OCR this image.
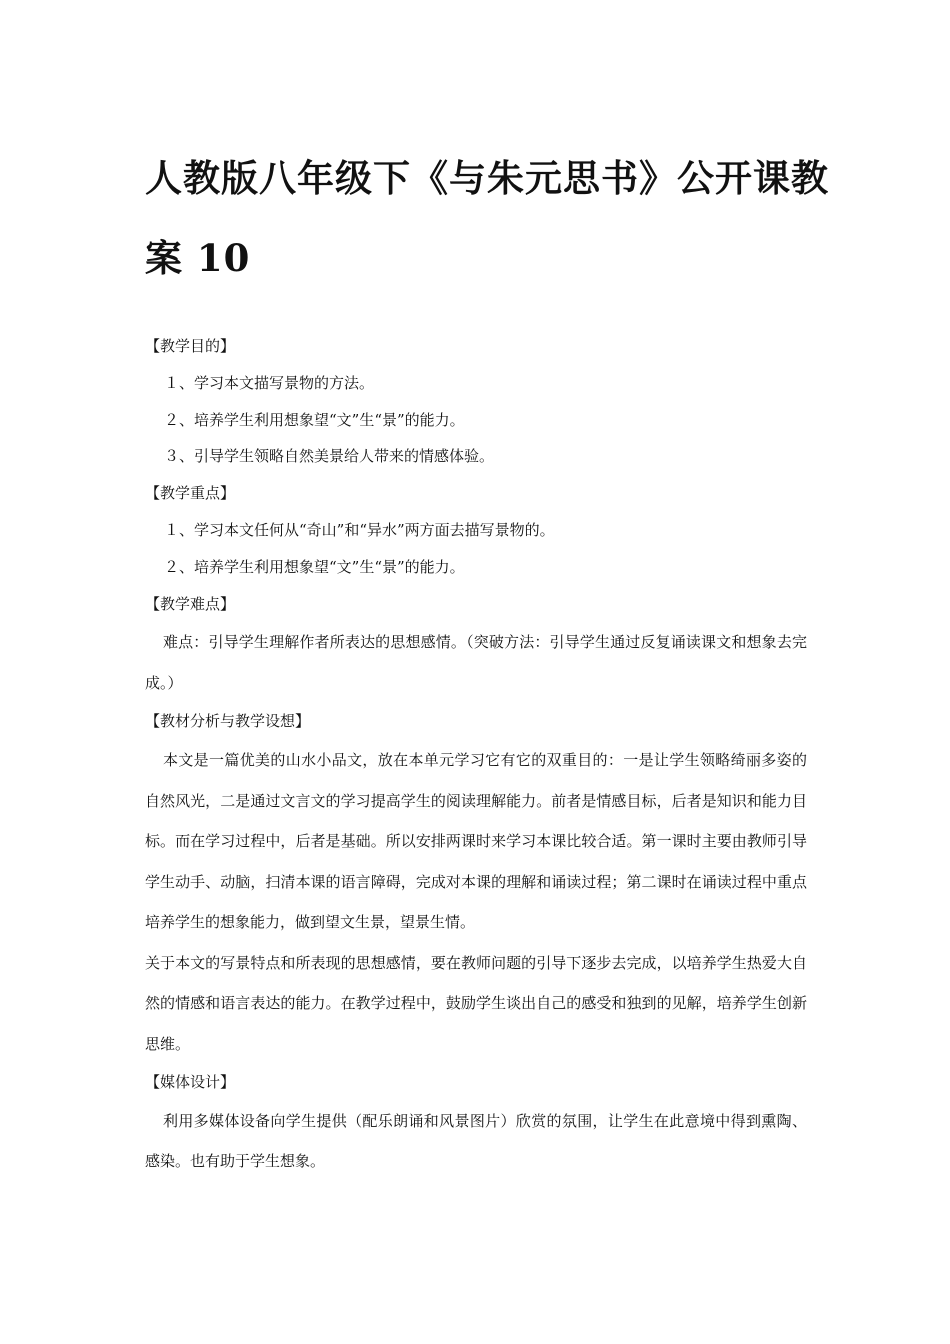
人教版八年级下《与朱元思书》公开课教
案 10
【教学目的】
１、学习本文描写景物的方法。
２、培养学生利用想象望“文”生“景”的能力。
３、引导学生领略自然美景给人带来的情感体验。
【教学重点】
１、学习本文任何从“奇山”和“异水”两方面去描写景物的。
２、培养学生利用想象望“文”生“景”的能力。
【教学难点】
难点：引导学生理解作者所表达的思想感情。（突破方法：引导学生通过反复诵读课文和想象去完成。）
【教材分析与教学设想】
本文是一篇优美的山水小品文，放在本单元学习它有它的双重目的：一是让学生领略绮丽多姿的自然风光，二是通过文言文的学习提高学生的阅读理解能力。前者是情感目标，后者是知识和能力目标。而在学习过程中，后者是基础。所以安排两课时来学习本课比较合适。第一课时主要由教师引导学生动手、动脑，扫清本课的语言障碍，完成对本课的理解和诵读过程；第二课时在诵读过程中重点培养学生的想象能力，做到望文生景，望景生情。
关于本文的写景特点和所表现的思想感情，要在教师问题的引导下逐步去完成，以培养学生热爱大自然的情感和语言表达的能力。在教学过程中，鼓励学生谈出自己的感受和独到的见解，培养学生创新思维。
【媒体设计】
利用多媒体设备向学生提供（配乐朗诵和风景图片）欣赏的氛围，让学生在此意境中得到熏陶、感染。也有助于学生想象。
